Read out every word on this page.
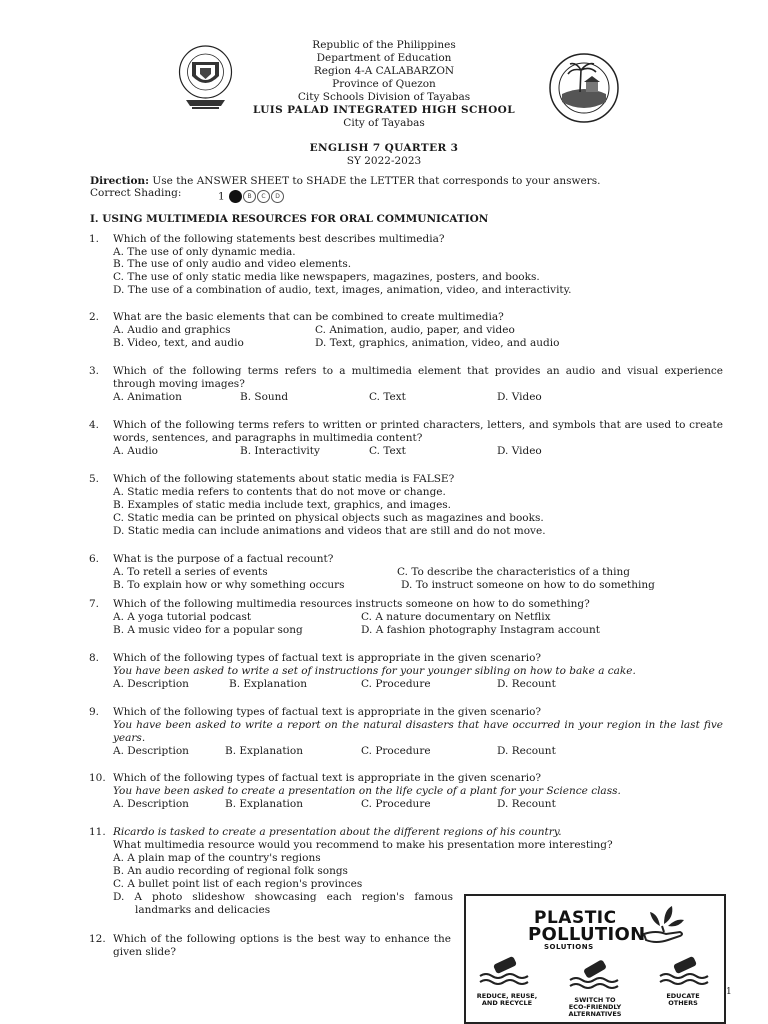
Republic of the Philippines
Department of Education
Region 4-A CALABARZON
Province of Quezon
City Schools Division of Tayabas
LUIS PALAD INTEGRATED HIGH SCHOOL
City of Tayabas
ENGLISH 7 QUARTER 3
SY 2022-2023
Direction: Use the ANSWER SHEET to SHADE the LETTER that corresponds to your answers.
Correct Shading:	1	B C D
I. USING MULTIMEDIA RESOURCES FOR ORAL COMMUNICATION
1. Which of the following statements best describes multimedia?
A. The use of only dynamic media.
B. The use of only audio and video elements.
C. The use of only static media like newspapers, magazines, posters, and books.
D. The use of a combination of audio, text, images, animation, video, and interactivity.
2. What are the basic elements that can be combined to create multimedia?
A. Audio and graphics	C. Animation, audio, paper, and video
B. Video, text, and audio	D. Text, graphics, animation, video, and audio
3. Which of the following terms refers to a multimedia element that provides an audio and visual experience through moving images?
A. Animation	B. Sound	C. Text	D. Video
4. Which of the following terms refers to written or printed characters, letters, and symbols that are used to create words, sentences, and paragraphs in multimedia content?
A. Audio	B. Interactivity	C. Text	D. Video
5. Which of the following statements about static media is FALSE?
A. Static media refers to contents that do not move or change.
B. Examples of static media include text, graphics, and images.
C. Static media can be printed on physical objects such as magazines and books.
D. Static media can include animations and videos that are still and do not move.
6. What is the purpose of a factual recount?
A. To retell a series of events	C. To describe the characteristics of a thing
B. To explain how or why something occurs	D. To instruct someone on how to do something
7. Which of the following multimedia resources instructs someone on how to do something?
A. A yoga tutorial podcast	C. A nature documentary on Netflix
B. A music video for a popular song	D. A fashion photography Instagram account
8. Which of the following types of factual text is appropriate in the given scenario?
You have been asked to write a set of instructions for your younger sibling on how to bake a cake.
A. Description	B. Explanation	C. Procedure	D. Recount
9. Which of the following types of factual text is appropriate in the given scenario?
You have been asked to write a report on the natural disasters that have occurred in your region in the last five years.
A. Description	B. Explanation	C. Procedure	D. Recount
10. Which of the following types of factual text is appropriate in the given scenario?
You have been asked to create a presentation on the life cycle of a plant for your Science class.
A. Description	B. Explanation	C. Procedure	D. Recount
11. Ricardo is tasked to create a presentation about the different regions of his country.
What multimedia resource would you recommend to make his presentation more interesting?
A. A plain map of the country's regions
B. An audio recording of regional folk songs
C. A bullet point list of each region's provinces
D. A photo slideshow showcasing each region's famous landmarks and delicacies
12. Which of the following options is the best way to enhance the given slide?
PLASTIC
POLLUTION
SOLUTIONS
REDUCE, REUSE,
AND RECYCLE	SWITCH TO
ECO-FRIENDLY
ALTERNATIVES
EDUCATE
OTHERS
1
